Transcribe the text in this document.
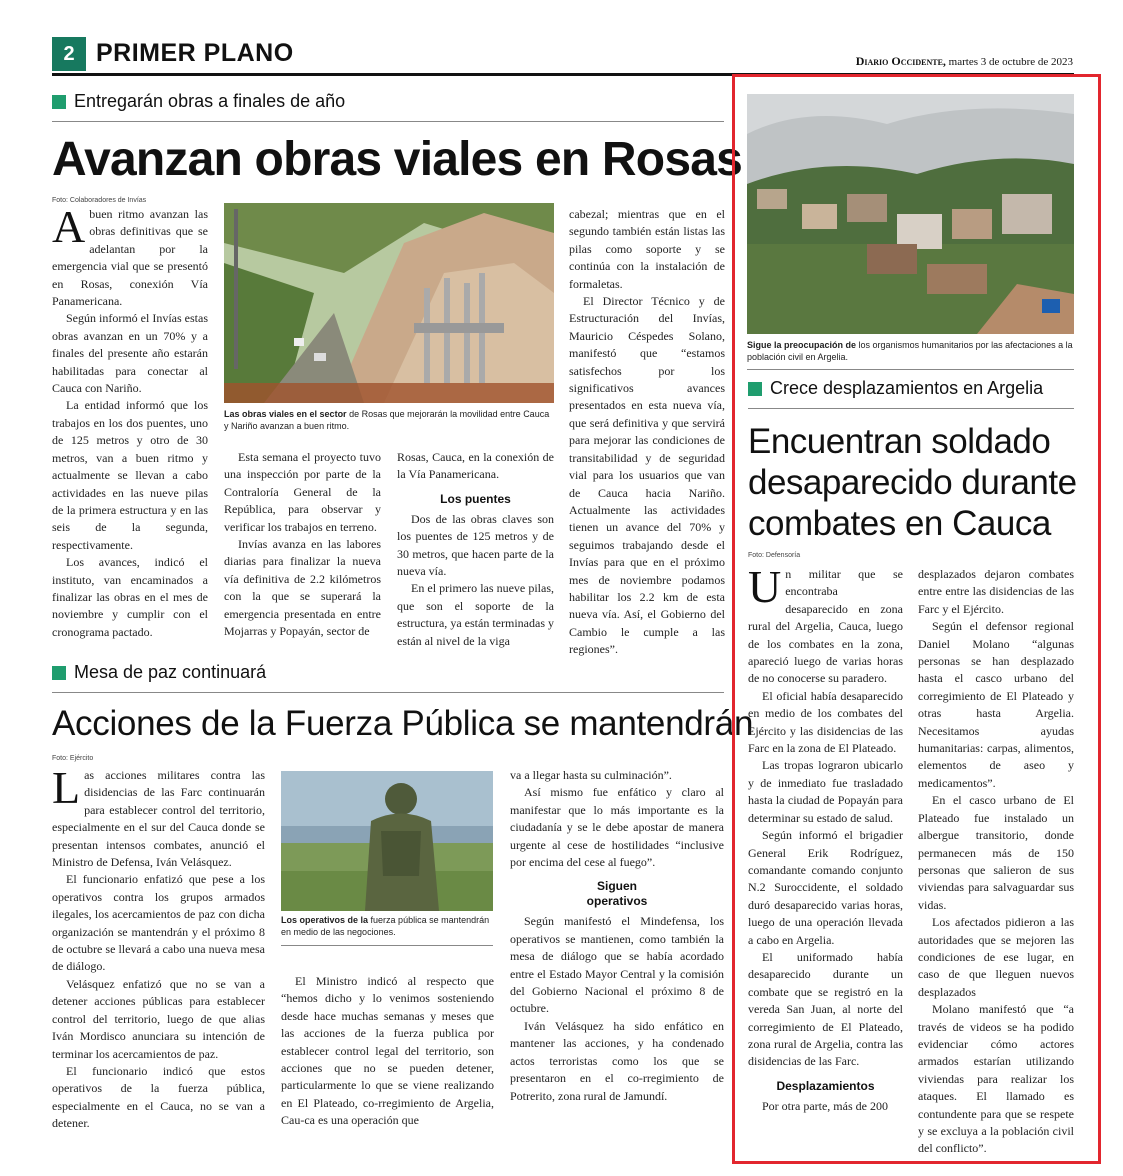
2 PRIMER PLANO	Diario Occidente, martes 3 de octubre de 2023
Entregarán obras a finales de año
Avanzan obras viales en Rosas
Foto: Colaboradores de Invías
A buen ritmo avanzan las obras definitivas que se adelantan por la emergencia vial que se presentó en Rosas, conexión Vía Panamericana.

Según informó el Invías estas obras avanzan en un 70% y a finales del presente año estarán habilitadas para conectar al Cauca con Nariño.

La entidad informó que los trabajos en los dos puentes, uno de 125 metros y otro de 30 metros, van a buen ritmo y actualmente se llevan a cabo actividades en las nueve pilas de la primera estructura y en las seis de la segunda, respectivamente.

Los avances, indicó el instituto, van encaminados a finalizar las obras en el mes de noviembre y cumplir con el cronograma pactado.

Las obras viales en el sector de Rosas que mejorarán la movilidad entre Cauca y Nariño avanzan a buen ritmo.

Esta semana el proyecto tuvo una inspección por parte de la Contraloría General de la República, para observar y verificar los trabajos en terreno.

Invías avanza en las labores diarias para finalizar la nueva vía definitiva de 2.2 kilómetros con la que se superará la emergencia presentada en entre Mojarras y Popayán, sector de

Rosas, Cauca, en la conexión de la Vía Panamericana.

Los puentes

Dos de las obras claves son los puentes de 125 metros y de 30 metros, que hacen parte de la nueva vía.

En el primero las nueve pilas, que son el soporte de la estructura, ya están terminadas y están al nivel de la viga

cabezal; mientras que en el segundo también están listas las pilas como soporte y se continúa con la instalación de formaletas.

El Director Técnico y de Estructuración del Invías, Mauricio Céspedes Solano, manifestó que “estamos satisfechos por los significativos avances presentados en esta nueva vía, que será definitiva y que servirá para mejorar las condiciones de transitabilidad y de seguridad vial para los usuarios que van de Cauca hacia Nariño. Actualmente las actividades tienen un avance del 70% y seguimos trabajando desde el Invías para que en el próximo mes de noviembre podamos habilitar los 2.2 km de esta nueva vía. Así, el Gobierno del Cambio le cumple a las regiones”.

Mesa de paz continuará
Acciones de la Fuerza Pública se mantendrán
Foto: Ejército
L as acciones militares contra las disidencias de las Farc continuarán para establecer control del territorio, especialmente en el sur del Cauca donde se presentan intensos combates, anunció el Ministro de Defensa, Iván Velásquez.

El funcionario enfatizó que pese a los operativos contra los grupos armados ilegales, los acercamientos de paz con dicha organización se mantendrán y el próximo 8 de octubre se llevará a cabo una nueva mesa de diálogo.

Velásquez enfatizó que no se van a detener acciones públicas para establecer control del territorio, luego de que alias Iván Mordisco anunciara su intención de terminar los acercamientos de paz.

El funcionario indicó que estos operativos de la fuerza pública, especialmente en el Cauca, no se van a detener.

Los operativos de la fuerza pública se mantendrán en medio de las negociones.

El Ministro indicó al respecto que “hemos dicho y lo venimos sosteniendo desde hace muchas semanas y meses que las acciones de la fuerza publica por establecer control legal del territorio, son acciones que no se pueden detener, particularmente lo que se viene realizando en El Plateado, co-rregimiento de Argelia, Cau-ca es una operación que

va a llegar hasta su culminación”.

Así mismo fue enfático y claro al manifestar que lo más importante es la ciudadanía y se le debe apostar de manera urgente al cese de hostilidades “inclusive por encima del cese al fuego”.

Siguen operativos

Según manifestó el Mindefensa, los operativos se mantienen, como también la mesa de diálogo que se había acordado entre el Estado Mayor Central y la comisión del Gobierno Nacional el próximo 8 de octubre.

Iván Velásquez ha sido enfático en mantener las acciones, y ha condenado actos terroristas como los que se presentaron en el co-rregimiento de Potrerito, zona rural de Jamundí.

Sigue la preocupación de los organismos humanitarios por las afectaciones a la población civil en Argelia.
Crece desplazamientos en Argelia
Encuentran soldado desaparecido durante combates en Cauca
Foto: Defensoría
U n militar que se encontraba desaparecido en zona rural del Argelia, Cauca, luego de los combates en la zona, apareció luego de varias horas de no conocerse su paradero.

El oficial había desaparecido en medio de los combates del Ejército y las disidencias de las Farc en la zona de El Plateado.

Las tropas lograron ubicarlo y de inmediato fue trasladado hasta la ciudad de Popayán para determinar su estado de salud.

Según informó el brigadier General Erik Rodríguez, comandante comando conjunto N.2 Suroccidente, el soldado duró desaparecido varias horas, luego de una operación llevada a cabo en Argelia.

El uniformado había desaparecido durante un combate que se registró en la vereda San Juan, al norte del corregimiento de El Plateado, zona rural de Argelia, contra las disidencias de las Farc.

Desplazamientos

Por otra parte, más de 200

desplazados dejaron combates entre entre las disidencias de las Farc y el Ejército.

Según el defensor regional Daniel Molano “algunas personas se han desplazado hasta el casco urbano del corregimiento de El Plateado y otras hasta Argelia. Necesitamos ayudas humanitarias: carpas, alimentos, elementos de aseo y medicamentos”.

En el casco urbano de El Plateado fue instalado un albergue transitorio, donde permanecen más de 150 personas que salieron de sus viviendas para salvaguardar sus vidas.

Los afectados pidieron a las autoridades que se mejoren las condiciones de ese lugar, en caso de que lleguen nuevos desplazados

Molano manifestó que “a través de videos se ha podido evidenciar cómo actores armados estarían utilizando viviendas para realizar los ataques. El llamado es contundente para que se respete y se excluya a la población civil del conflicto”.
